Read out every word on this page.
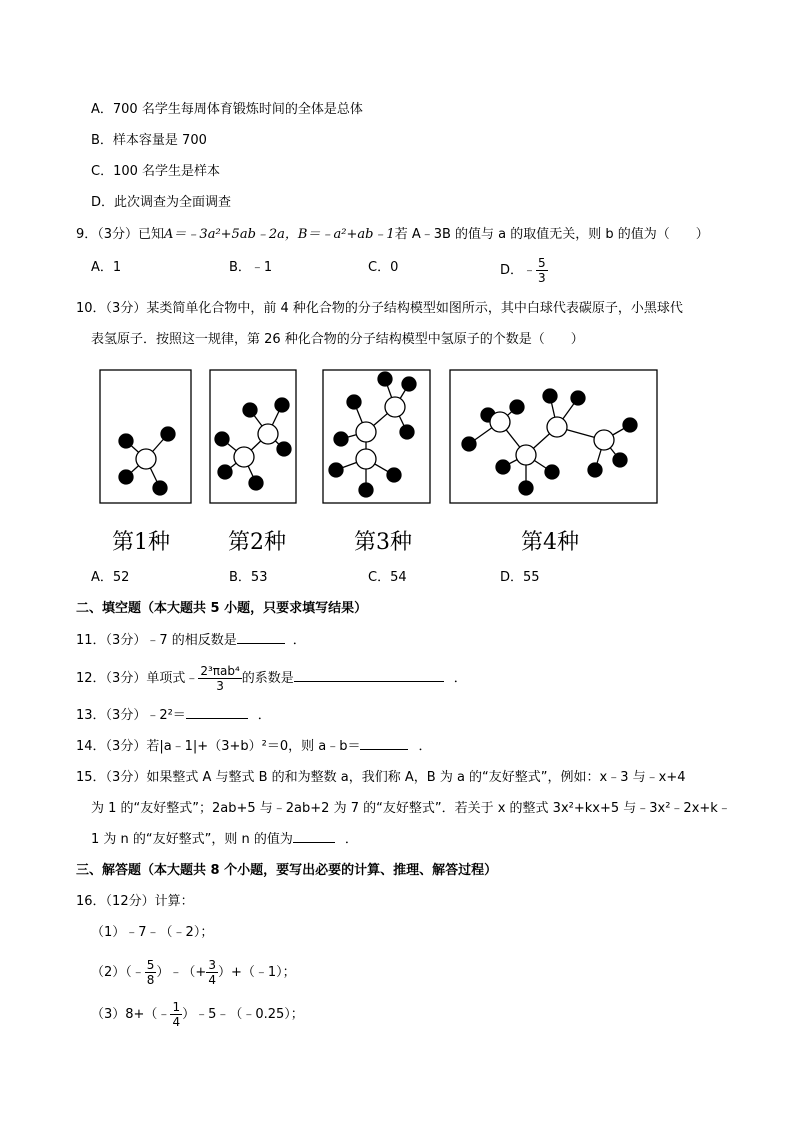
A．700 名学生每周体育锻炼时间的全体是总体
B．样本容量是 700
C．100 名学生是样本
D．此次调查为全面调查
9．（3分）已知A＝﹣3a²+5ab﹣2a，B＝﹣a²+ab﹣1若 A﹣3B 的值与 a 的取值无关，则 b 的值为（　　）
A．1	B．﹣1	C．0	D．﹣ $\frac{5}{3}$
10．（3分）某类简单化合物中，前 4 种化合物的分子结构模型如图所示，其中白球代表碳原子，小黑球代
表氢原子．按照这一规律，第 26 种化合物的分子结构模型中氢原子的个数是（　　）
第1种	第2种	第3种	第4种
A．52	B．53	C．54	D．55
二、填空题（本大题共 5 小题，只要求填写结果）
11．（3分）﹣7 的相反数是	．
12．（3分）单项式﹣ $\frac{\text{2³πab⁴}}{3}$ 的系数是	．
13．（3分）﹣2²＝	．
14．（3分）若|a﹣1|+（3+b）²＝0，则 a﹣b＝	．
15．（3分）如果整式 A 与整式 B 的和为整数 a，我们称 A，B 为 a 的“友好整式”，例如：x﹣3 与﹣x+4
为 1 的“友好整式”；2ab+5 与﹣2ab+2 为 7 的“友好整式”．若关于 x 的整式 3x²+kx+5 与﹣3x²﹣2x+k﹣
1 为 n 的“友好整式”，则 n 的值为	．
三、解答题（本大题共 8 个小题，要写出必要的计算、推理、解答过程）
16．（12分）计算：
（1）﹣7﹣（﹣2）；
（2）（﹣ $\frac{5}{8}$ ）﹣（+ $\frac{3}{4}$ ）+（﹣1）；
（3）8+（﹣ $\frac{1}{4}$ ）﹣5﹣（﹣0.25）；
